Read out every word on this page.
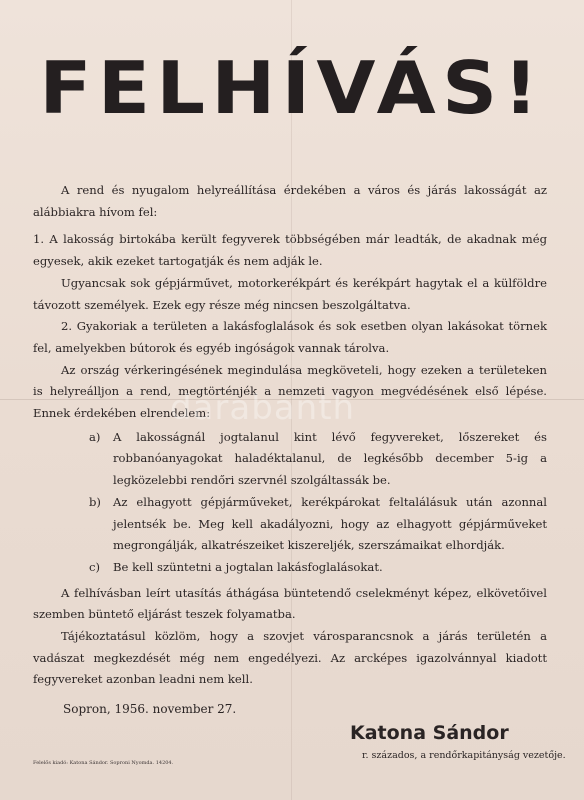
FELHÍVÁS!

A rend és nyugalom helyreállítása érdekében a város és járás lakosságát az alábbiakra hívom fel:

1. A lakosság birtokába került fegyverek többségében már leadták, de akadnak még egyesek, akik ezeket tartogatják és nem adják le.

Ugyancsak sok gépjárművet, motorkerékpárt és kerékpárt hagytak el a külföldre távozott személyek. Ezek egy része még nincsen beszolgáltatva.

2. Gyakoriak a területen a lakásfoglalások és sok esetben olyan lakásokat törnek fel, amelyekben bútorok és egyéb ingóságok vannak tárolva.

Az ország vérkeringésének megindulása megköveteli, hogy ezeken a területeken is helyreálljon a rend, megtörténjék a nemzeti vagyon megvédésének első lépése. Ennek érdekében elrendelem:

a) A lakosságnál jogtalanul kint lévő fegyvereket, lőszereket és robbanóanyagokat haladéktalanul, de legkésőbb december 5-ig a legközelebbi rendőri szervnél szolgáltassák be.

b) Az elhagyott gépjárműveket, kerékpárokat feltalálásuk után azonnal jelentsék be. Meg kell akadályozni, hogy az elhagyott gépjárműveket megrongálják, alkatrészeiket kiszereljék, szerszámaikat elhordják.

c) Be kell szüntetni a jogtalan lakásfoglalásokat.

A felhívásban leírt utasítás áthágása büntetendő cselekményt képez, elkövetőivel szemben büntető eljárást teszek folyamatba.

Tájékoztatásul közlöm, hogy a szovjet városparancsnok a járás területén a vadászat megkezdését még nem engedélyezi. Az arcképes igazolvánnyal kiadott fegyvereket azonban leadni nem kell.

darabanth
Sopron, 1956. november 27.
Katona Sándor
r. százados, a rendőrkapitányság vezetője.
Felelős kiadó: Katona Sándor. Soproni Nyomda. 14204.
